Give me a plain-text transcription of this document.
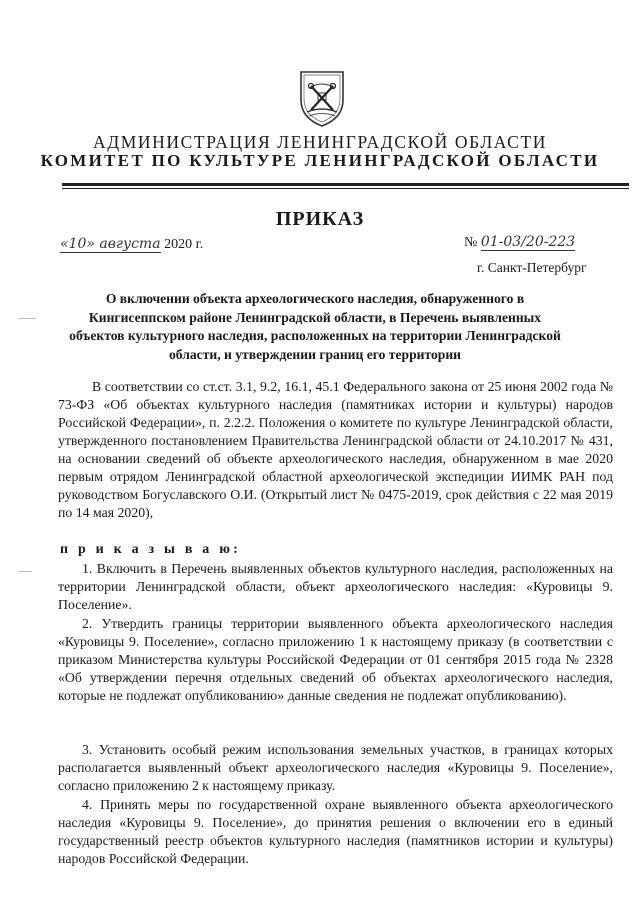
АДМИНИСТРАЦИЯ ЛЕНИНГРАДСКОЙ ОБЛАСТИ
КОМИТЕТ ПО КУЛЬТУРЕ ЛЕНИНГРАДСКОЙ ОБЛАСТИ
ПРИКАЗ
«10» августа 2020 г.	№ 01-03/20-223
г. Санкт-Петербург
О включении объекта археологического наследия, обнаруженного в Кингисеппском районе Ленинградской области, в Перечень выявленных объектов культурного наследия, расположенных на территории Ленинградской области, и утверждении границ его территории
В соответствии со ст.ст. 3.1, 9.2, 16.1, 45.1 Федерального закона от 25 июня 2002 года № 73-ФЗ «Об объектах культурного наследия (памятниках истории и культуры) народов Российской Федерации», п. 2.2.2. Положения о комитете по культуре Ленинградской области, утвержденного постановлением Правительства Ленинградской области от 24.10.2017 № 431, на основании сведений об объекте археологического наследия, обнаруженном в мае 2020 первым отрядом Ленинградской областной археологической экспедиции ИИМК РАН под руководством Богуславского О.И. (Открытый лист № 0475-2019, срок действия с 22 мая 2019 по 14 мая 2020),
п р и к а з ы в а ю:
1. Включить в Перечень выявленных объектов культурного наследия, расположенных на территории Ленинградской области, объект археологического наследия: «Куровицы 9. Поселение».
2. Утвердить границы территории выявленного объекта археологического наследия «Куровицы 9. Поселение», согласно приложению 1 к настоящему приказу (в соответствии с приказом Министерства культуры Российской Федерации от 01 сентября 2015 года № 2328 «Об утверждении перечня отдельных сведений об объектах археологического наследия, которые не подлежат опубликованию» данные сведения не подлежат опубликованию).
3. Установить особый режим использования земельных участков, в границах которых располагается выявленный объект археологического наследия «Куровицы 9. Поселение», согласно приложению 2 к настоящему приказу.
4. Принять меры по государственной охране выявленного объекта археологического наследия «Куровицы 9. Поселение», до принятия решения о включении его в единый государственный реестр объектов культурного наследия (памятников истории и культуры) народов Российской Федерации.
